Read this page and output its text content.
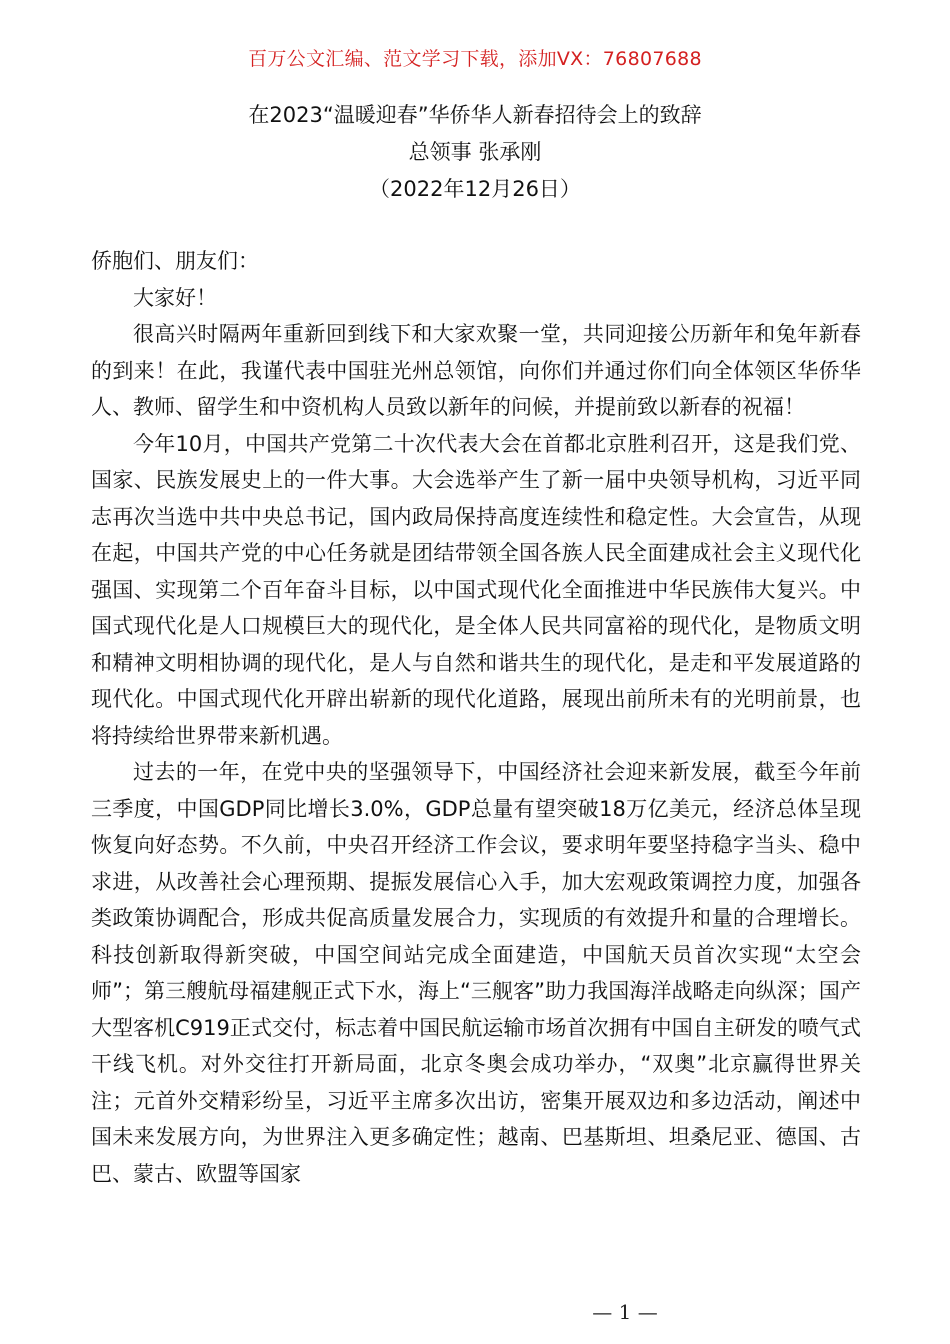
百万公文汇编、范文学习下载，添加VX：76807688
在2023“温暖迎春”华侨华人新春招待会上的致辞
总领事 张承刚
（2022年12月26日）

侨胞们、朋友们：

大家好！

很高兴时隔两年重新回到线下和大家欢聚一堂，共同迎接公历新年和兔年新春的到来！在此，我谨代表中国驻光州总领馆，向你们并通过你们向全体领区华侨华人、教师、留学生和中资机构人员致以新年的问候，并提前致以新春的祝福！

今年10月，中国共产党第二十次代表大会在首都北京胜利召开，这是我们党、国家、民族发展史上的一件大事。大会选举产生了新一届中央领导机构，习近平同志再次当选中共中央总书记，国内政局保持高度连续性和稳定性。大会宣告，从现在起，中国共产党的中心任务就是团结带领全国各族人民全面建成社会主义现代化强国、实现第二个百年奋斗目标，以中国式现代化全面推进中华民族伟大复兴。中国式现代化是人口规模巨大的现代化，是全体人民共同富裕的现代化，是物质文明和精神文明相协调的现代化，是人与自然和谐共生的现代化，是走和平发展道路的现代化。中国式现代化开辟出崭新的现代化道路，展现出前所未有的光明前景，也将持续给世界带来新机遇。

过去的一年，在党中央的坚强领导下，中国经济社会迎来新发展，截至今年前三季度，中国GDP同比增长3.0%，GDP总量有望突破18万亿美元，经济总体呈现恢复向好态势。不久前，中央召开经济工作会议，要求明年要坚持稳字当头、稳中求进，从改善社会心理预期、提振发展信心入手，加大宏观政策调控力度，加强各类政策协调配合，形成共促高质量发展合力，实现质的有效提升和量的合理增长。科技创新取得新突破，中国空间站完成全面建造，中国航天员首次实现“太空会师”；第三艘航母福建舰正式下水，海上“三舰客”助力我国海洋战略走向纵深；国产大型客机C919正式交付，标志着中国民航运输市场首次拥有中国自主研发的喷气式干线飞机。对外交往打开新局面，北京冬奥会成功举办，“双奥”北京赢得世界关注；元首外交精彩纷呈，习近平主席多次出访，密集开展双边和多边活动，阐述中国未来发展方向，为世界注入更多确定性；越南、巴基斯坦、坦桑尼亚、德国、古巴、蒙古、欧盟等国家

— 1 —
